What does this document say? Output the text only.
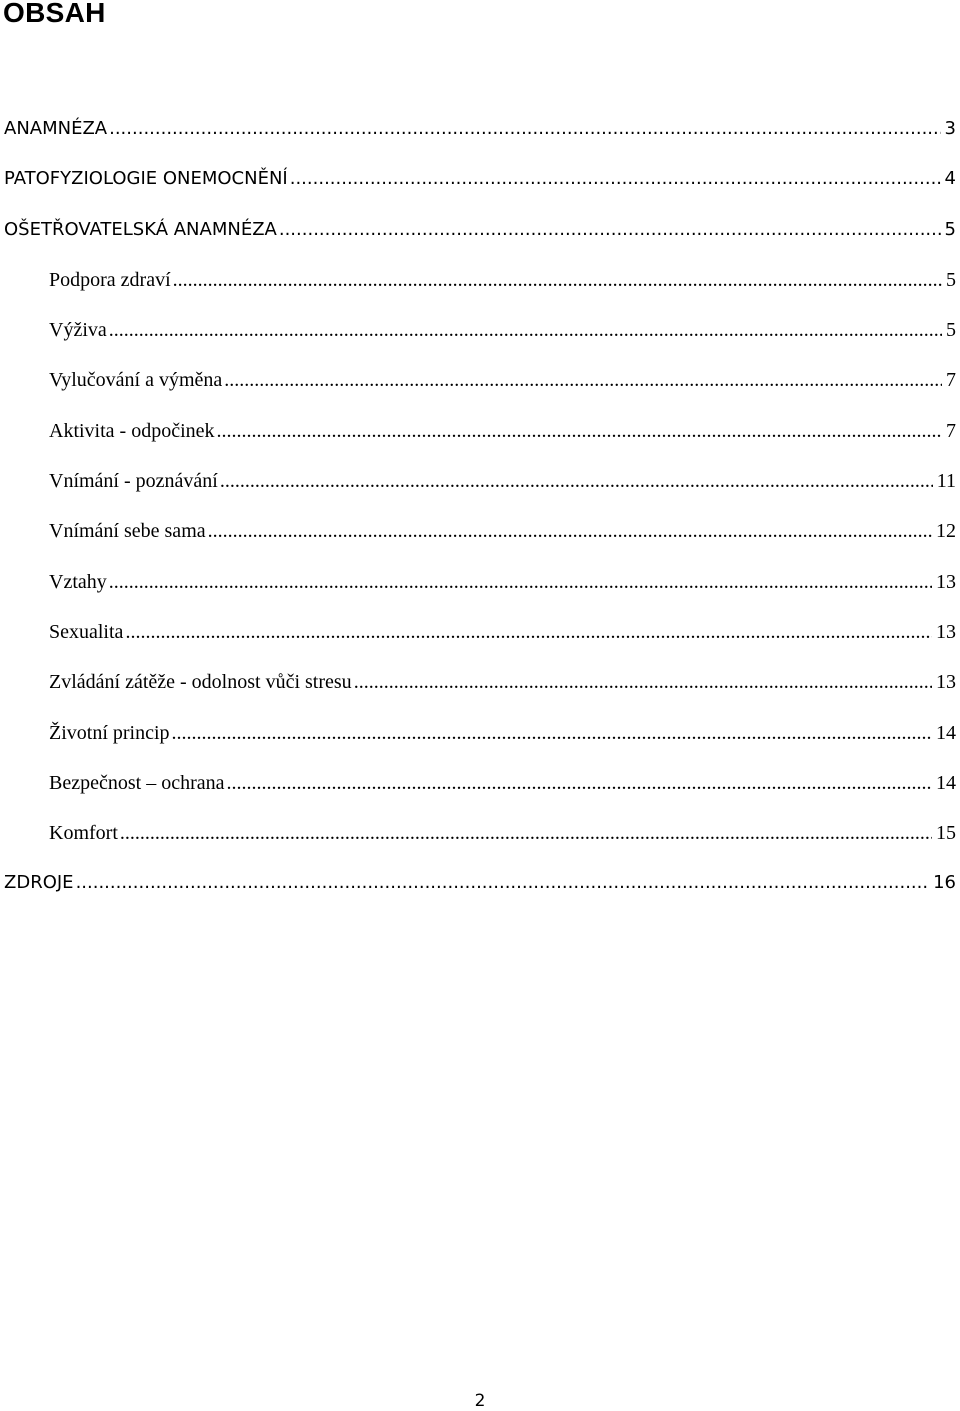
OBSAH
ANAMNÉZA .....	3
PATOFYZIOLOGIE ONEMOCNĚNÍ .....	4
OŠETŘOVATELSKÁ ANAMNÉZA .....	5
Podpora zdraví .....	5
Výživa .....	5
Vylučování a výměna .....	7
Aktivita - odpočinek .....	7
Vnímání - poznávání .....	11
Vnímání sebe sama .....	12
Vztahy .....	13
Sexualita .....	13
Zvládání zátěže - odolnost vůči stresu .....	13
Životní princip .....	14
Bezpečnost – ochrana .....	14
Komfort .....	15
ZDROJE .....	16
2
